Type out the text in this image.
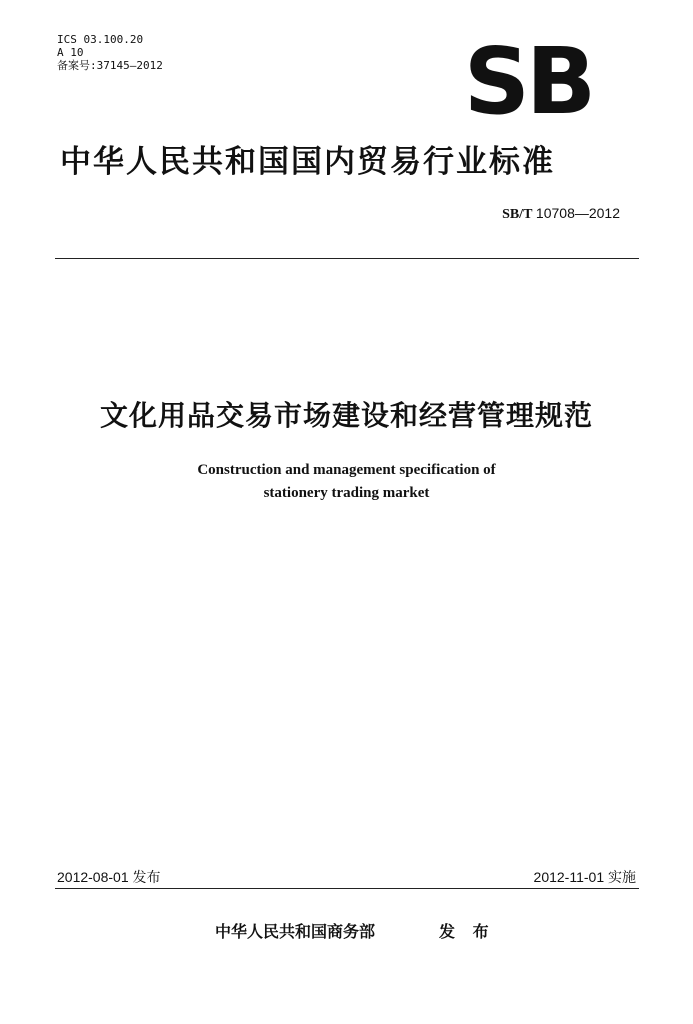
ICS 03.100.20
A 10
备案号:37145—2012	SB
中华人民共和国国内贸易行业标准
SB/T 10708—2012
文化用品交易市场建设和经营管理规范
Construction and management specification of
stationery trading market
2012-08-01 发布	2012-11-01 实施
中华人民共和国商务部	发 布
